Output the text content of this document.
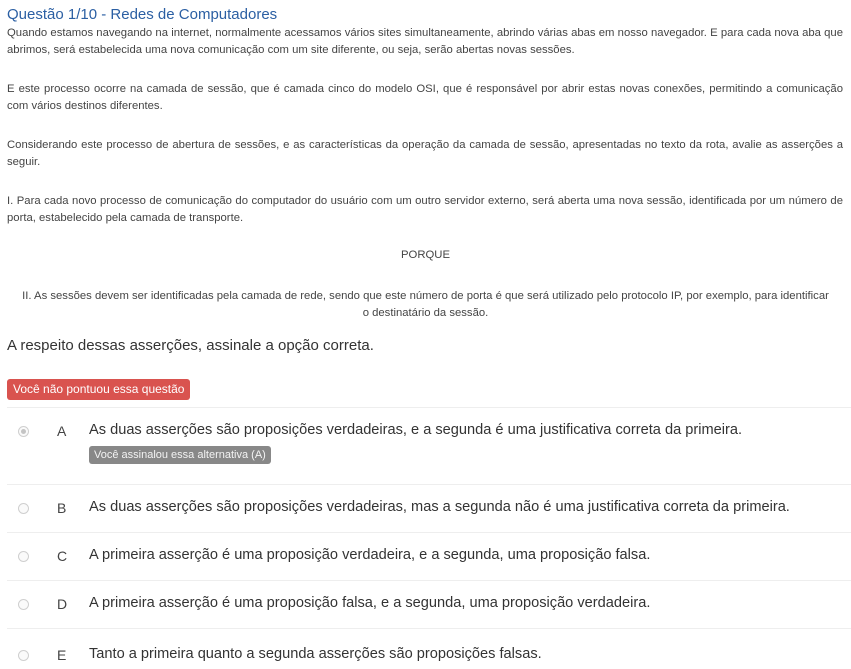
Questão 1/10 - Redes de Computadores

Quando estamos navegando na internet, normalmente acessamos vários sites simultaneamente, abrindo várias abas em nosso navegador. E para cada nova aba que abrimos, será estabelecida uma nova comunicação com um site diferente, ou seja, serão abertas novas sessões.

E este processo ocorre na camada de sessão, que é camada cinco do modelo OSI, que é responsável por abrir estas novas conexões, permitindo a comunicação com vários destinos diferentes.

Considerando este processo de abertura de sessões, e as características da operação da camada de sessão, apresentadas no texto da rota, avalie as asserções a seguir.

I. Para cada novo processo de comunicação do computador do usuário com um outro servidor externo, será aberta uma nova sessão, identificada por um número de porta, estabelecido pela camada de transporte.

PORQUE
II. As sessões devem ser identificadas pela camada de rede, sendo que este número de porta é que será utilizado pelo protocolo IP, por exemplo, para identificar o destinatário da sessão.
A respeito dessas asserções, assinale a opção correta.
Você não pontuou essa questão
A As duas asserções são proposições verdadeiras, e a segunda é uma justificativa correta da primeira.
Você assinalou essa alternativa (A)
B As duas asserções são proposições verdadeiras, mas a segunda não é uma justificativa correta da primeira.
C A primeira asserção é uma proposição verdadeira, e a segunda, uma proposição falsa.
D A primeira asserção é uma proposição falsa, e a segunda, uma proposição verdadeira.
E Tanto a primeira quanto a segunda asserções são proposições falsas.
